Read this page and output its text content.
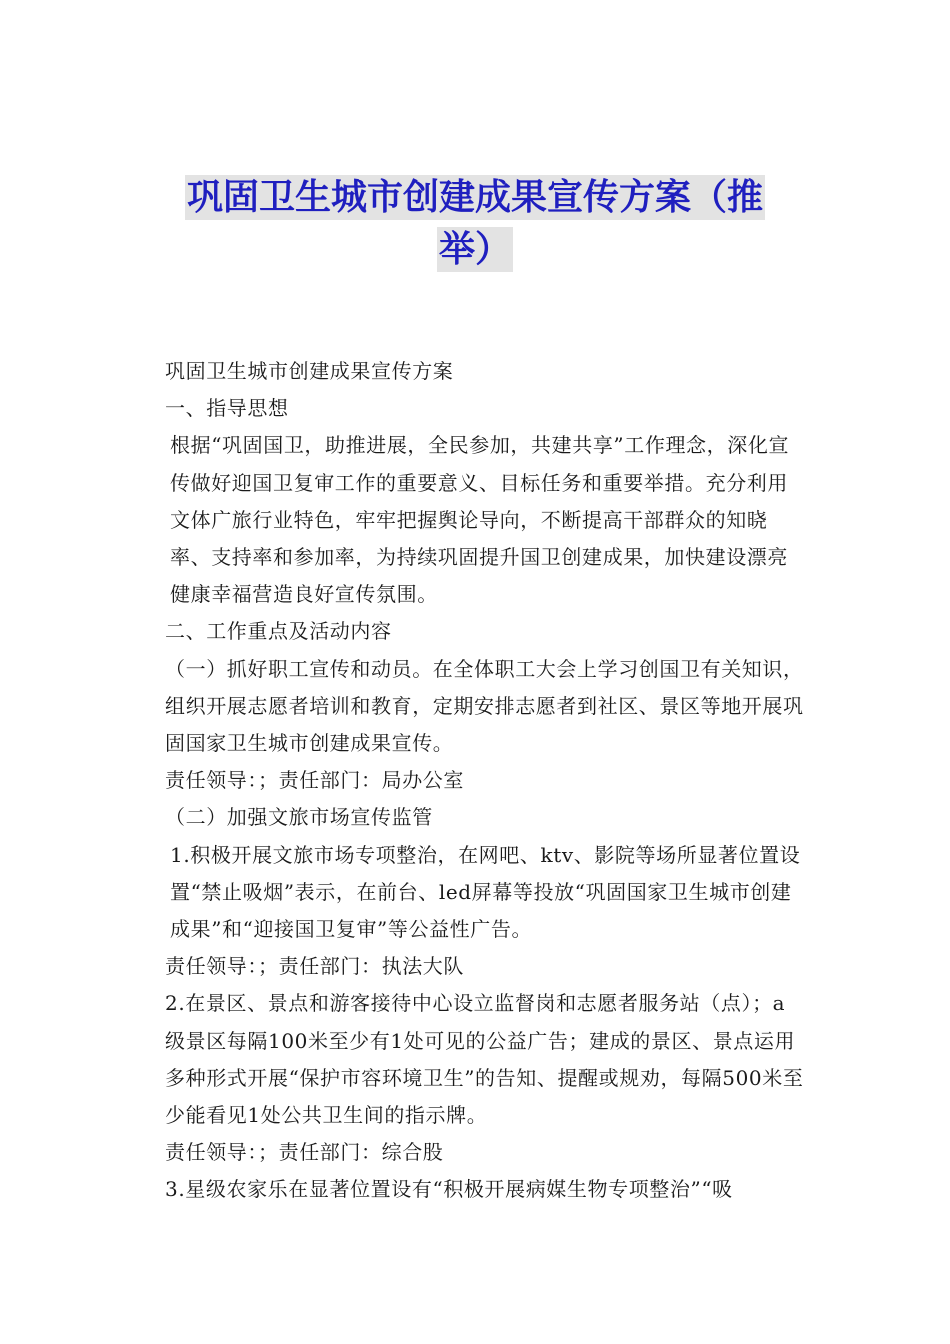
巩固卫生城市创建成果宣传方案（推
举）

巩固卫生城市创建成果宣传方案

一、指导思想

根据“巩固国卫，助推进展，全民参加，共建共享”工作理念，深化宣传做好迎国卫复审工作的重要意义、目标任务和重要举措。充分利用文体广旅行业特色，牢牢把握舆论导向，不断提高干部群众的知晓率、支持率和参加率，为持续巩固提升国卫创建成果，加快建设漂亮健康幸福营造良好宣传氛围。

二、工作重点及活动内容

（一）抓好职工宣传和动员。在全体职工大会上学习创国卫有关知识，组织开展志愿者培训和教育，定期安排志愿者到社区、景区等地开展巩固国家卫生城市创建成果宣传。

责任领导：；责任部门：局办公室

（二）加强文旅市场宣传监管

1.积极开展文旅市场专项整治，在网吧、ktv、影院等场所显著位置设置“禁止吸烟”表示，在前台、led屏幕等投放“巩固国家卫生城市创建成果”和“迎接国卫复审”等公益性广告。

责任领导：；责任部门：执法大队

2.在景区、景点和游客接待中心设立监督岗和志愿者服务站（点）；a级景区每隔100米至少有1处可见的公益广告；建成的景区、景点运用多种形式开展“保护市容环境卫生”的告知、提醒或规劝，每隔500米至少能看见1处公共卫生间的指示牌。

责任领导：；责任部门：综合股

3.星级农家乐在显著位置设有“积极开展病媒生物专项整治”“吸
